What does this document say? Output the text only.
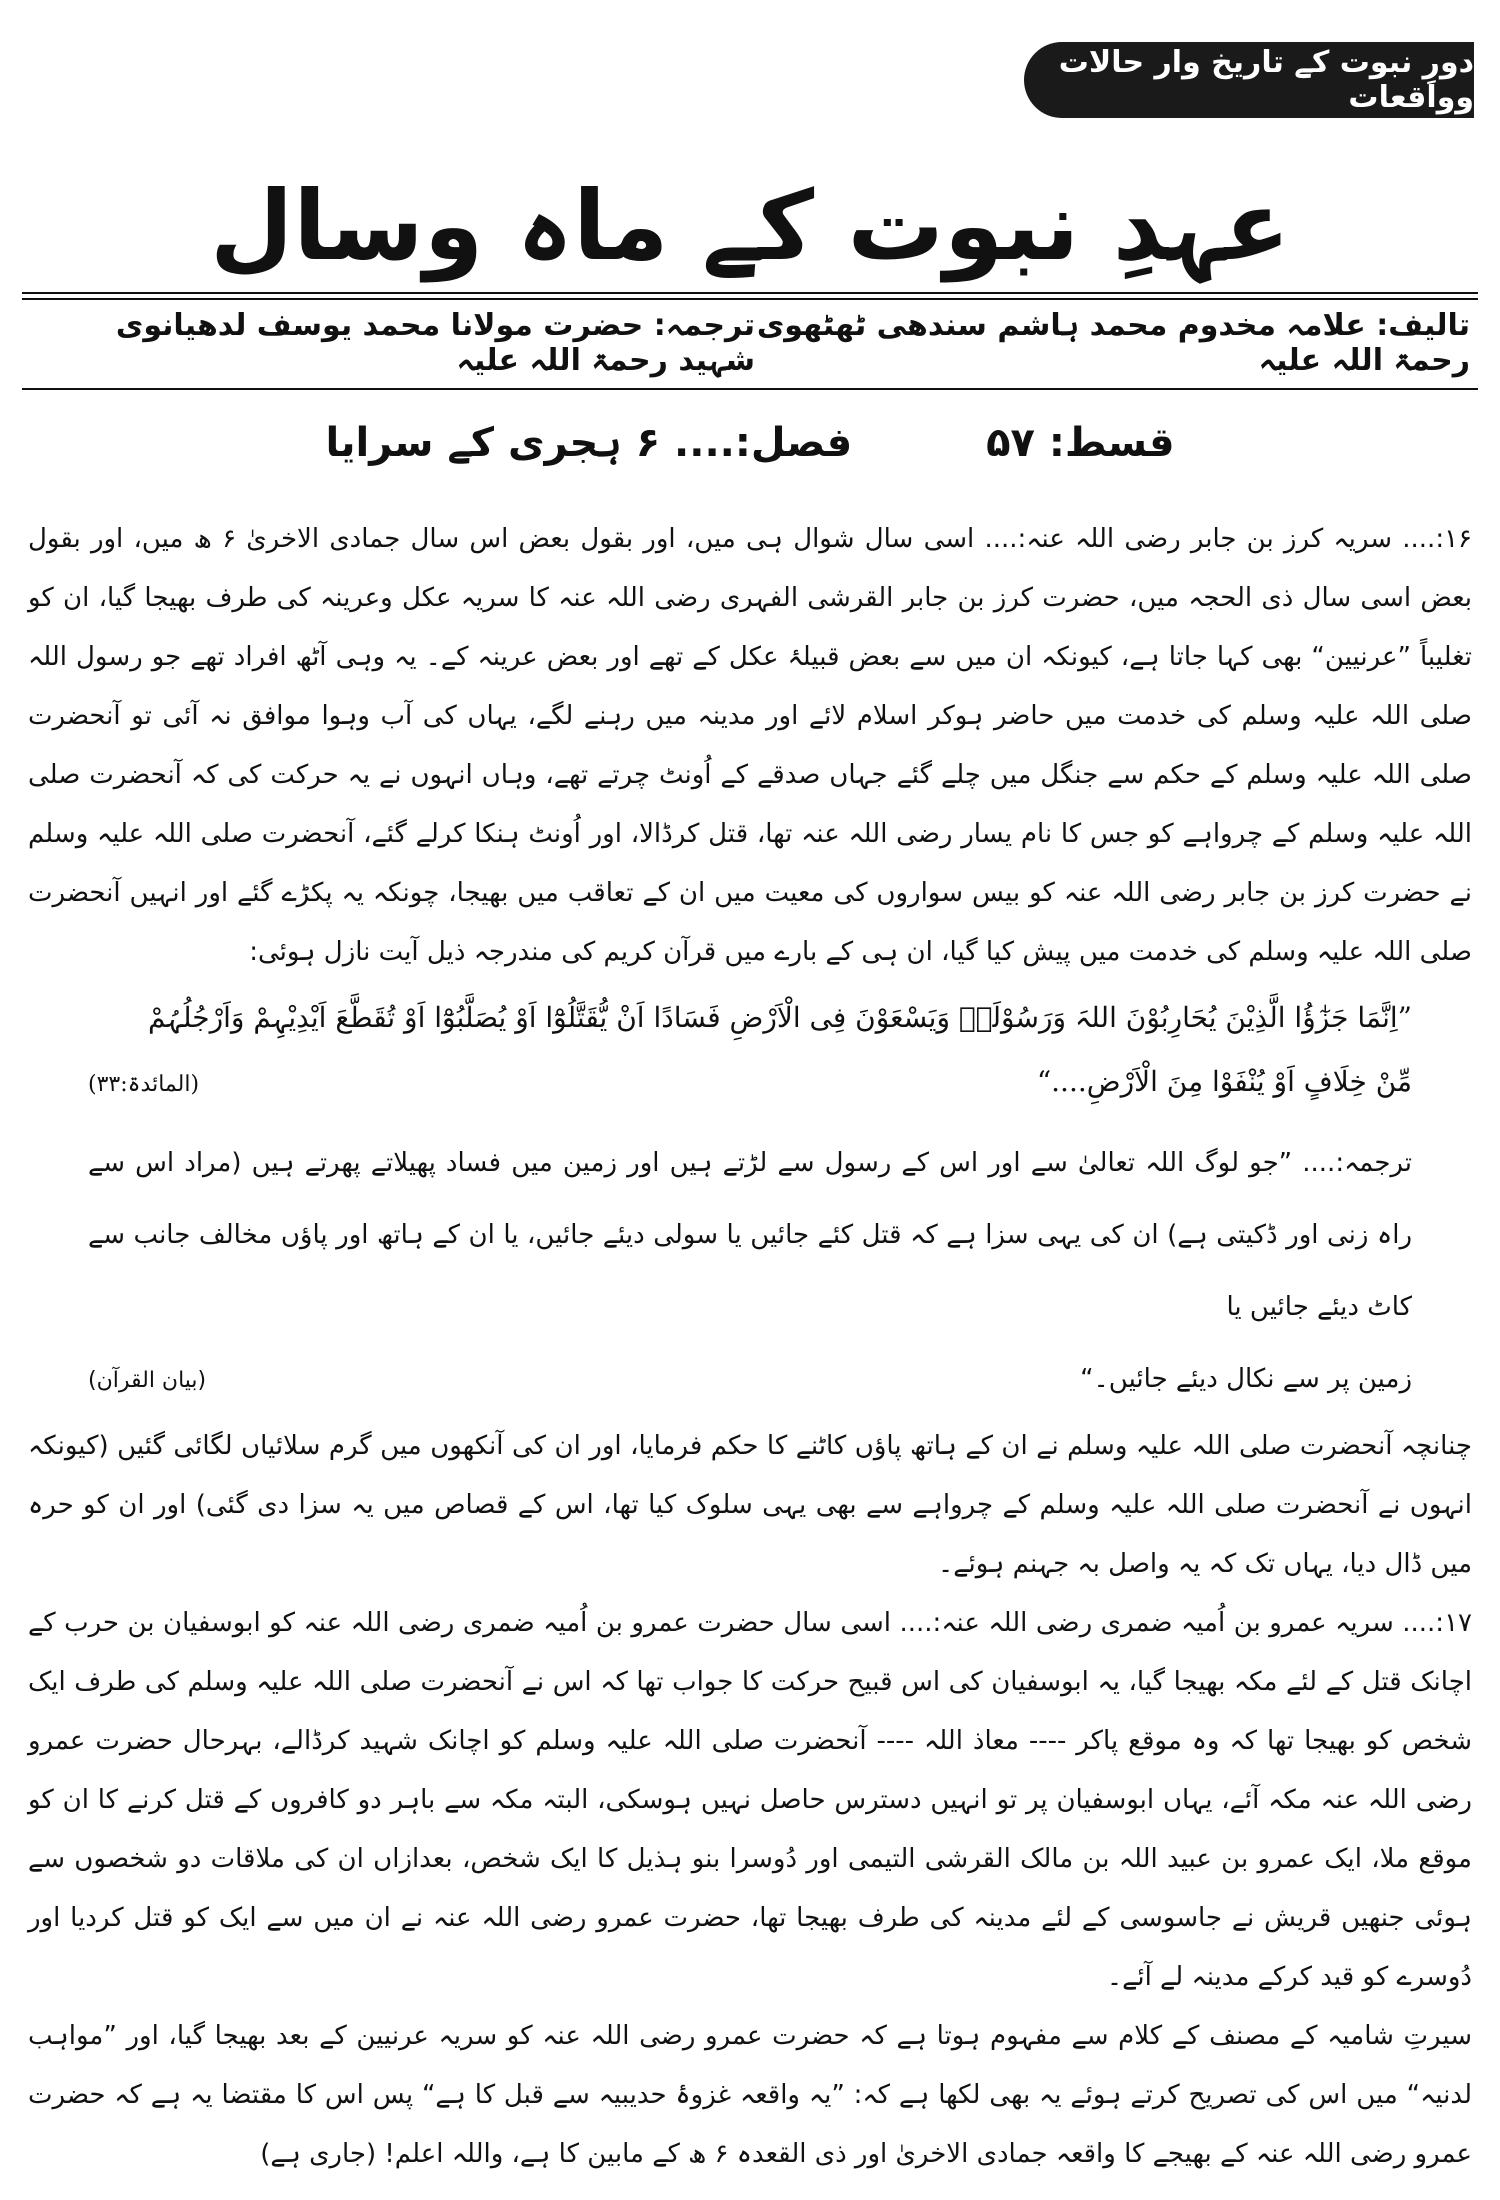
دورِ نبوت کے تاریخ وار حالات وواقعات
عہدِ نبوت کے ماہ وسال
تالیف: علامہ مخدوم محمد ہاشم سندھی ٹھٹھوی رحمۃ اللہ علیہ
ترجمہ: حضرت مولانا محمد یوسف لدھیانوی شہید رحمۃ اللہ علیہ
قسط: ۵۷ فصل:.... ۶ ہجری کے سرایا

۱۶:.... سریہ کرز بن جابر رضی اللہ عنہ:.... اسی سال شوال ہی میں، اور بقول بعض اس سال جمادی الاخریٰ ۶ ھ میں، اور بقول بعض اسی سال ذی الحجہ میں، حضرت کرز بن جابر القرشی الفہری رضی اللہ عنہ کا سریہ عکل وعرینہ کی طرف بھیجا گیا، ان کو تغلیباً ”عرنیین“ بھی کہا جاتا ہے، کیونکہ ان میں سے بعض قبیلۂ عکل کے تھے اور بعض عرینہ کے۔ یہ وہی آٹھ افراد تھے جو رسول اللہ صلی اللہ علیہ وسلم کی خدمت میں حاضر ہوکر اسلام لائے اور مدینہ میں رہنے لگے، یہاں کی آب وہوا موافق نہ آئی تو آنحضرت صلی اللہ علیہ وسلم کے حکم سے جنگل میں چلے گئے جہاں صدقے کے اُونٹ چرتے تھے، وہاں انہوں نے یہ حرکت کی کہ آنحضرت صلی اللہ علیہ وسلم کے چرواہے کو جس کا نام یسار رضی اللہ عنہ تھا، قتل کرڈالا، اور اُونٹ ہنکا کرلے گئے، آنحضرت صلی اللہ علیہ وسلم نے حضرت کرز بن جابر رضی اللہ عنہ کو بیس سواروں کی معیت میں ان کے تعاقب میں بھیجا، چونکہ یہ پکڑے گئے اور انہیں آنحضرت صلی اللہ علیہ وسلم کی خدمت میں پیش کیا گیا، ان ہی کے بارے میں قرآن کریم کی مندرجہ ذیل آیت نازل ہوئی:

”اِنَّمَا جَزٰٓؤُا الَّذِیْنَ یُحَارِبُوْنَ اللہَ وَرَسُوْلَہٗ وَیَسْعَوْنَ فِی الْاَرْضِ فَسَادًا اَنْ یُّقَتَّلُوْٓا اَوْ یُصَلَّبُوْٓا اَوْ تُقَطَّعَ اَیْدِیْہِمْ وَاَرْجُلُہُمْ
مِّنْ خِلَافٍ اَوْ یُنْفَوْا مِنَ الْاَرْضِ....“
(المائدۃ:۳۳)
ترجمہ:.... ”جو لوگ اللہ تعالیٰ سے اور اس کے رسول سے لڑتے ہیں اور زمین میں فساد پھیلاتے پھرتے ہیں (مراد اس سے راہ زنی اور ڈکیتی ہے) ان کی یہی سزا ہے کہ قتل کئے جائیں یا سولی دیئے جائیں، یا ان کے ہاتھ اور پاؤں مخالف جانب سے کاٹ دیئے جائیں یا
زمین پر سے نکال دیئے جائیں۔“
(بیان القرآن)

چنانچہ آنحضرت صلی اللہ علیہ وسلم نے ان کے ہاتھ پاؤں کاٹنے کا حکم فرمایا، اور ان کی آنکھوں میں گرم سلائیاں لگائی گئیں (کیونکہ انہوں نے آنحضرت صلی اللہ علیہ وسلم کے چرواہے سے بھی یہی سلوک کیا تھا، اس کے قصاص میں یہ سزا دی گئی) اور ان کو حرہ میں ڈال دیا، یہاں تک کہ یہ واصل بہ جہنم ہوئے۔

۱۷:.... سریہ عمرو بن اُمیہ ضمری رضی اللہ عنہ:.... اسی سال حضرت عمرو بن اُمیہ ضمری رضی اللہ عنہ کو ابوسفیان بن حرب کے اچانک قتل کے لئے مکہ بھیجا گیا، یہ ابوسفیان کی اس قبیح حرکت کا جواب تھا کہ اس نے آنحضرت صلی اللہ علیہ وسلم کی طرف ایک شخص کو بھیجا تھا کہ وہ موقع پاکر ---- معاذ اللہ ---- آنحضرت صلی اللہ علیہ وسلم کو اچانک شہید کرڈالے، بہرحال حضرت عمرو رضی اللہ عنہ مکہ آئے، یہاں ابوسفیان پر تو انہیں دسترس حاصل نہیں ہوسکی، البتہ مکہ سے باہر دو کافروں کے قتل کرنے کا ان کو موقع ملا، ایک عمرو بن عبید اللہ بن مالک القرشی التیمی اور دُوسرا بنو ہذیل کا ایک شخص، بعدازاں ان کی ملاقات دو شخصوں سے ہوئی جنھیں قریش نے جاسوسی کے لئے مدینہ کی طرف بھیجا تھا، حضرت عمرو رضی اللہ عنہ نے ان میں سے ایک کو قتل کردیا اور دُوسرے کو قید کرکے مدینہ لے آئے۔

سیرتِ شامیہ کے مصنف کے کلام سے مفہوم ہوتا ہے کہ حضرت عمرو رضی اللہ عنہ کو سریہ عرنیین کے بعد بھیجا گیا، اور ”مواہب لدنیہ“ میں اس کی تصریح کرتے ہوئے یہ بھی لکھا ہے کہ: ”یہ واقعہ غزوۂ حدیبیہ سے قبل کا ہے“ پس اس کا مقتضا یہ ہے کہ حضرت عمرو رضی اللہ عنہ کے بھیجے کا واقعہ جمادی الاخریٰ اور ذی القعدہ ۶ ھ کے مابین کا ہے، واللہ اعلم! (جاری ہے)
